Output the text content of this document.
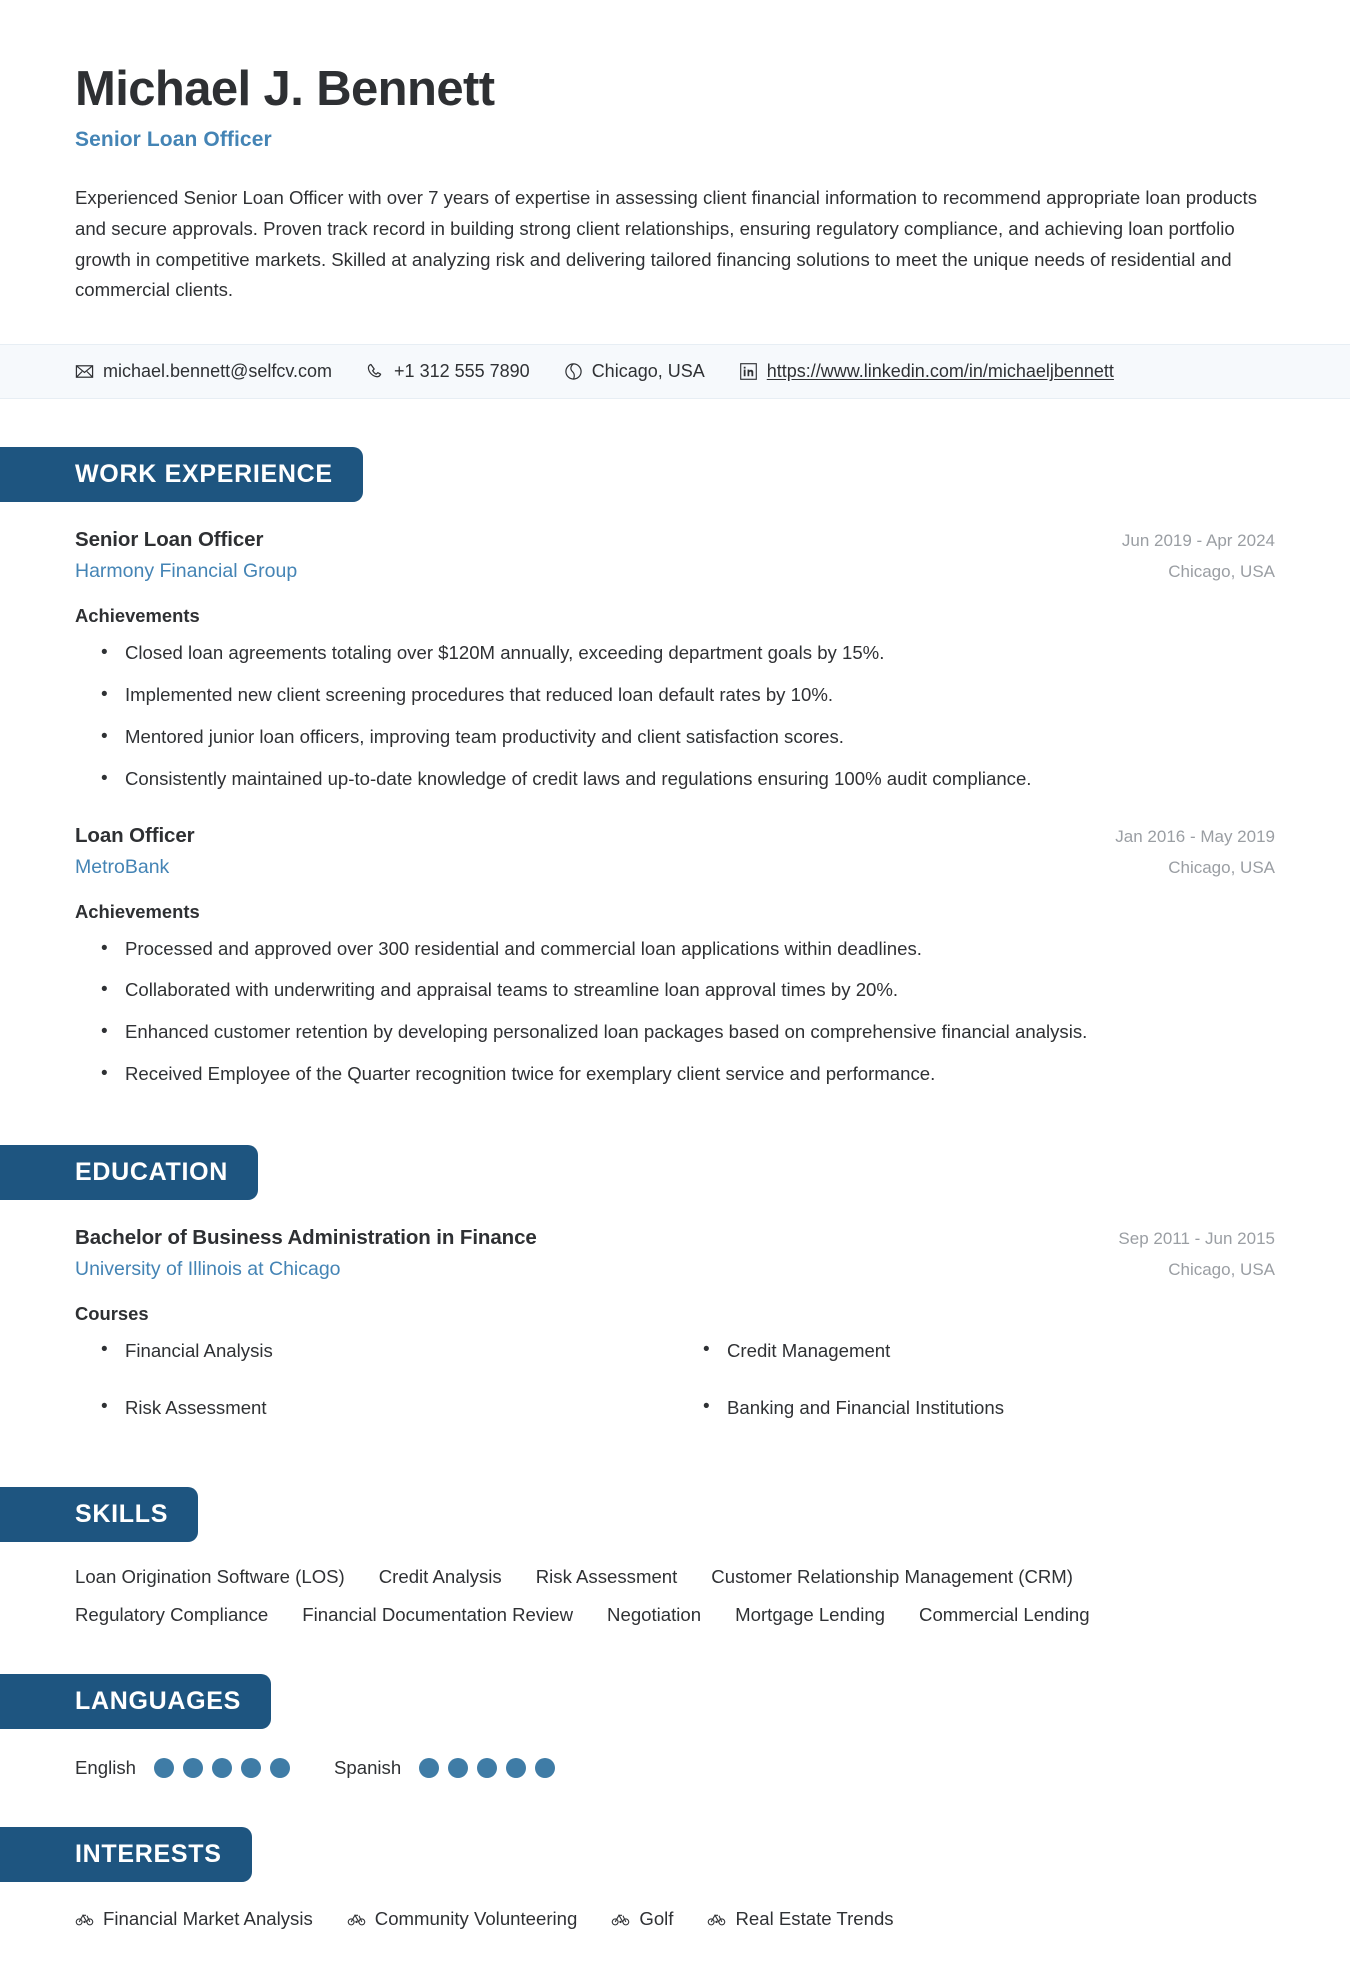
Michael J. Bennett
Senior Loan Officer
Experienced Senior Loan Officer with over 7 years of expertise in assessing client financial information to recommend appropriate loan products and secure approvals. Proven track record in building strong client relationships, ensuring regulatory compliance, and achieving loan portfolio growth in competitive markets. Skilled at analyzing risk and delivering tailored financing solutions to meet the unique needs of residential and commercial clients.
michael.bennett@selfcv.com	+1 312 555 7890	Chicago, USA	https://www.linkedin.com/in/michaeljbennett
WORK EXPERIENCE
Senior Loan Officer	Jun 2019 - Apr 2024
Harmony Financial Group	Chicago, USA
Achievements
• Closed loan agreements totaling over $120M annually, exceeding department goals by 15%.
• Implemented new client screening procedures that reduced loan default rates by 10%.
• Mentored junior loan officers, improving team productivity and client satisfaction scores.
• Consistently maintained up-to-date knowledge of credit laws and regulations ensuring 100% audit compliance.
Loan Officer	Jan 2016 - May 2019
MetroBank	Chicago, USA
Achievements
• Processed and approved over 300 residential and commercial loan applications within deadlines.
• Collaborated with underwriting and appraisal teams to streamline loan approval times by 20%.
• Enhanced customer retention by developing personalized loan packages based on comprehensive financial analysis.
• Received Employee of the Quarter recognition twice for exemplary client service and performance.
EDUCATION
Bachelor of Business Administration in Finance	Sep 2011 - Jun 2015
University of Illinois at Chicago	Chicago, USA
Courses
• Financial Analysis	• Credit Management
• Risk Assessment	• Banking and Financial Institutions
SKILLS
Loan Origination Software (LOS) Credit Analysis Risk Assessment Customer Relationship Management (CRM)
Regulatory Compliance Financial Documentation Review Negotiation Mortgage Lending Commercial Lending
LANGUAGES
English	Spanish
INTERESTS
Financial Market Analysis	Community Volunteering	Golf	Real Estate Trends
